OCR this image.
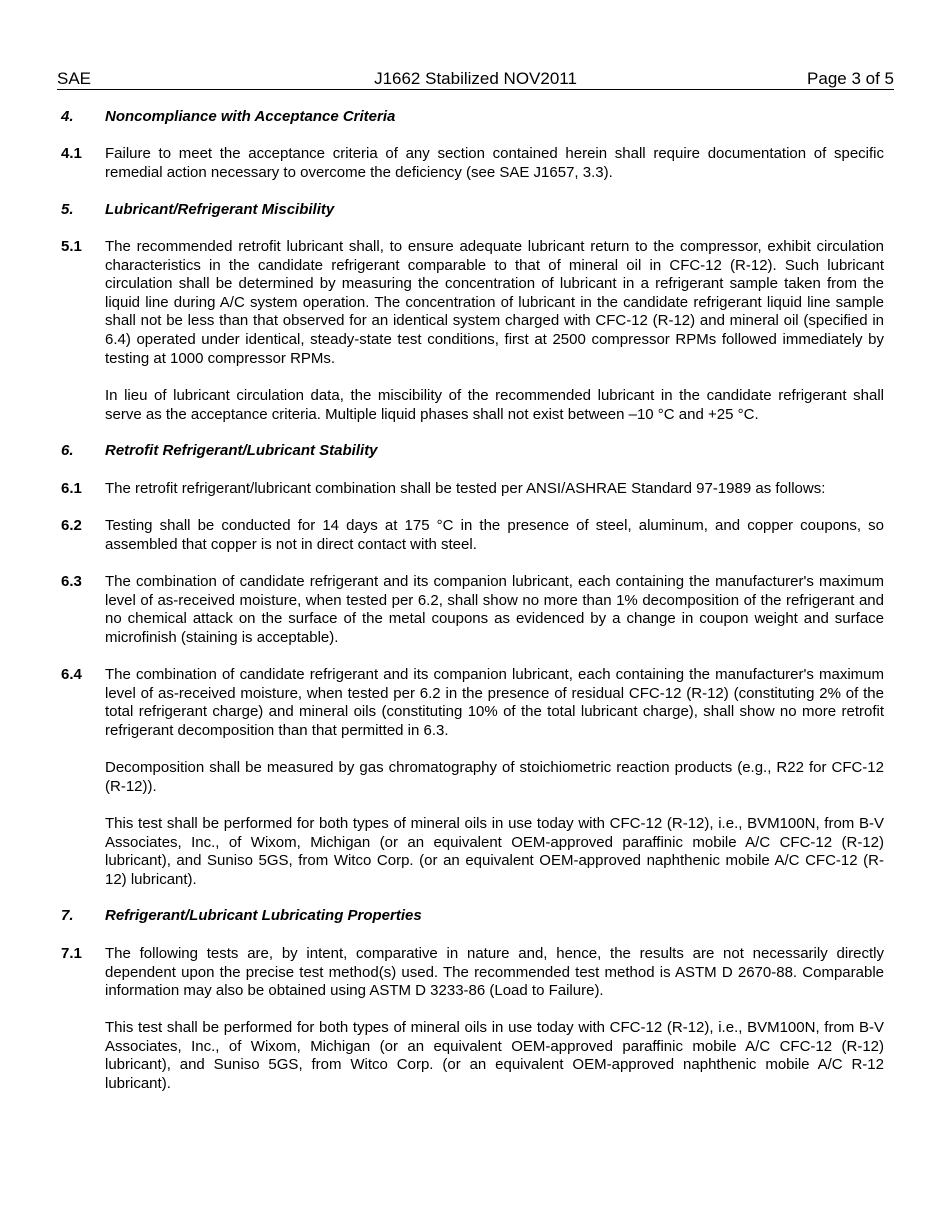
SAE	J1662 Stabilized NOV2011	Page 3 of 5
4. Noncompliance with Acceptance Criteria
4.1 Failure to meet the acceptance criteria of any section contained herein shall require documentation of specific remedial action necessary to overcome the deficiency (see SAE J1657, 3.3).
5. Lubricant/Refrigerant Miscibility
5.1 The recommended retrofit lubricant shall, to ensure adequate lubricant return to the compressor, exhibit circulation characteristics in the candidate refrigerant comparable to that of mineral oil in CFC-12 (R-12). Such lubricant circulation shall be determined by measuring the concentration of lubricant in a refrigerant sample taken from the liquid line during A/C system operation. The concentration of lubricant in the candidate refrigerant liquid line sample shall not be less than that observed for an identical system charged with CFC-12 (R-12) and mineral oil (specified in 6.4) operated under identical, steady-state test conditions, first at 2500 compressor RPMs followed immediately by testing at 1000 compressor RPMs.
In lieu of lubricant circulation data, the miscibility of the recommended lubricant in the candidate refrigerant shall serve as the acceptance criteria. Multiple liquid phases shall not exist between –10 °C and +25 °C.
6. Retrofit Refrigerant/Lubricant Stability
6.1 The retrofit refrigerant/lubricant combination shall be tested per ANSI/ASHRAE Standard 97-1989 as follows:
6.2 Testing shall be conducted for 14 days at 175 °C in the presence of steel, aluminum, and copper coupons, so assembled that copper is not in direct contact with steel.
6.3 The combination of candidate refrigerant and its companion lubricant, each containing the manufacturer's maximum level of as-received moisture, when tested per 6.2, shall show no more than 1% decomposition of the refrigerant and no chemical attack on the surface of the metal coupons as evidenced by a change in coupon weight and surface microfinish (staining is acceptable).
6.4 The combination of candidate refrigerant and its companion lubricant, each containing the manufacturer's maximum level of as-received moisture, when tested per 6.2 in the presence of residual CFC-12 (R-12) (constituting 2% of the total refrigerant charge) and mineral oils (constituting 10% of the total lubricant charge), shall show no more retrofit refrigerant decomposition than that permitted in 6.3.
Decomposition shall be measured by gas chromatography of stoichiometric reaction products (e.g., R22 for CFC-12 (R-12)).
This test shall be performed for both types of mineral oils in use today with CFC-12 (R-12), i.e., BVM100N, from B-V Associates, Inc., of Wixom, Michigan (or an equivalent OEM-approved paraffinic mobile A/C CFC-12 (R-12) lubricant), and Suniso 5GS, from Witco Corp. (or an equivalent OEM-approved naphthenic mobile A/C CFC-12 (R-12) lubricant).
7. Refrigerant/Lubricant Lubricating Properties
7.1 The following tests are, by intent, comparative in nature and, hence, the results are not necessarily directly dependent upon the precise test method(s) used. The recommended test method is ASTM D 2670-88. Comparable information may also be obtained using ASTM D 3233-86 (Load to Failure).
This test shall be performed for both types of mineral oils in use today with CFC-12 (R-12), i.e., BVM100N, from B-V Associates, Inc., of Wixom, Michigan (or an equivalent OEM-approved paraffinic mobile A/C CFC-12 (R-12) lubricant), and Suniso 5GS, from Witco Corp. (or an equivalent OEM-approved naphthenic mobile A/C R-12 lubricant).
